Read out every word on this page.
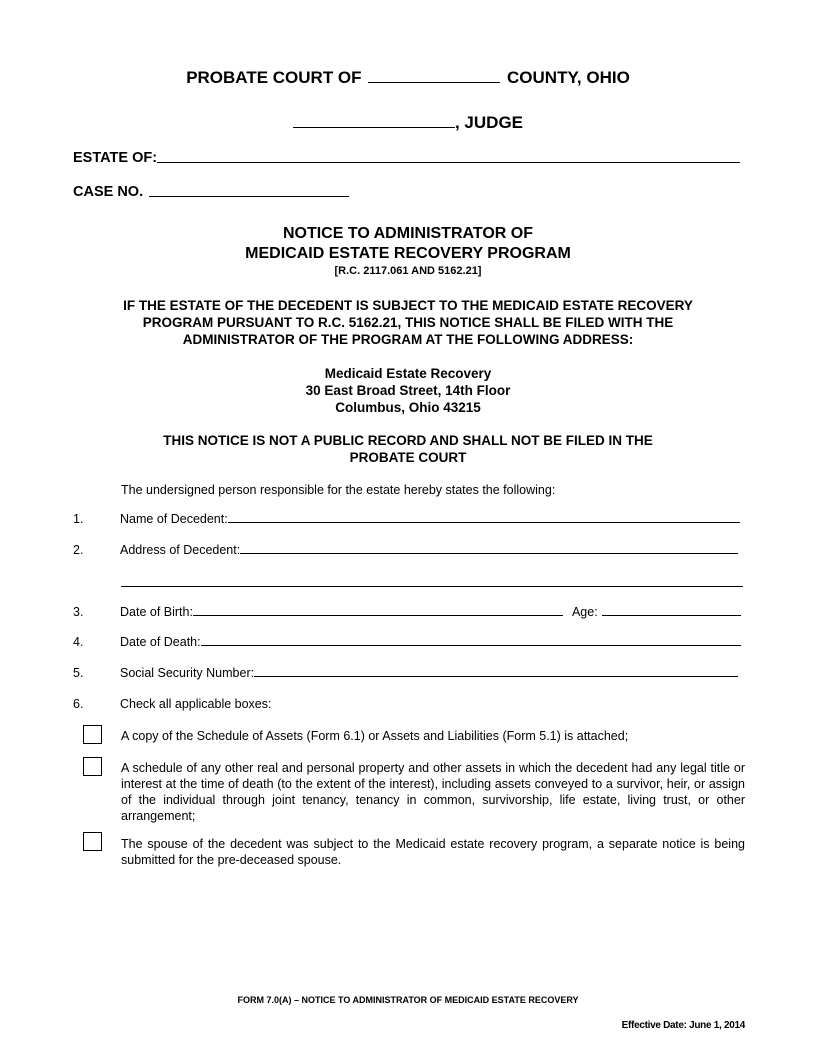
PROBATE COURT OF	COUNTY, OHIO
, JUDGE
ESTATE OF:
CASE NO.
NOTICE TO ADMINISTRATOR OF
MEDICAID ESTATE RECOVERY PROGRAM
[R.C. 2117.061 AND 5162.21]
IF THE ESTATE OF THE DECEDENT IS SUBJECT TO THE MEDICAID ESTATE RECOVERY
PROGRAM PURSUANT TO R.C. 5162.21, THIS NOTICE SHALL BE FILED WITH THE
ADMINISTRATOR OF THE PROGRAM AT THE FOLLOWING ADDRESS:
Medicaid Estate Recovery
30 East Broad Street, 14th Floor
Columbus, Ohio 43215
THIS NOTICE IS NOT A PUBLIC RECORD AND SHALL NOT BE FILED IN THE
PROBATE COURT
The undersigned person responsible for the estate hereby states the following:
1.	Name of Decedent:
2.	Address of Decedent:
3.	Date of Birth:	Age:
4.	Date of Death:
5.	Social Security Number:
6.	Check all applicable boxes:
A copy of the Schedule of Assets (Form 6.1) or Assets and Liabilities (Form 5.1) is attached;
A schedule of any other real and personal property and other assets in which the decedent had any legal title or interest at the time of death (to the extent of the interest), including assets conveyed to a survivor, heir, or assign of the individual through joint tenancy, tenancy in common, survivorship, life estate, living trust, or other arrangement;
The spouse of the decedent was subject to the Medicaid estate recovery program, a separate notice is being submitted for the pre-deceased spouse.
FORM 7.0(A) – NOTICE TO ADMINISTRATOR OF MEDICAID ESTATE RECOVERY
Effective Date: June 1, 2014
